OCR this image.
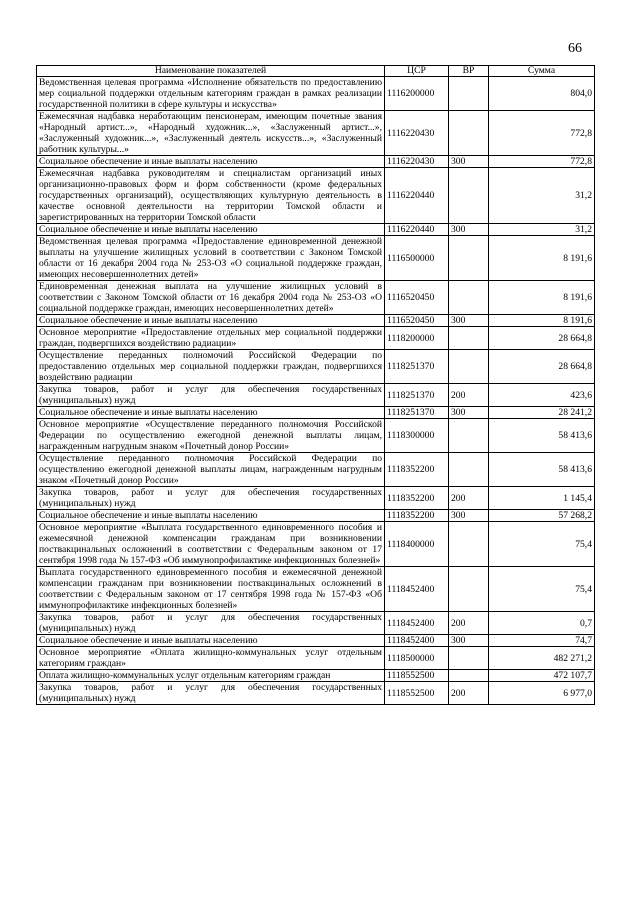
66
Наименование показателей	ЦСР	ВР	Сумма
Ведомственная целевая программа «Исполнение обязательств по предоставлению мер социальной поддержки отдельным категориям граждан в рамках реализации государственной политики в сфере культуры и искусства»	1116200000		804,0
Ежемесячная надбавка неработающим пенсионерам, имеющим почетные звания «Народный артист...», «Народный художник...», «Заслуженный артист...», «Заслуженный художник...», «Заслуженный деятель искусств...», «Заслуженный работник культуры...»	1116220430		772,8
Социальное обеспечение и иные выплаты населению	1116220430	300	772,8
Ежемесячная надбавка руководителям и специалистам организаций иных организационно-правовых форм и форм собственности (кроме федеральных государственных организаций), осуществляющих культурную деятельность в качестве основной деятельности на территории Томской области и зарегистрированных на территории Томской области	1116220440		31,2
Социальное обеспечение и иные выплаты населению	1116220440	300	31,2
Ведомственная целевая программа «Предоставление единовременной денежной выплаты на улучшение жилищных условий в соответствии с Законом Томской области от 16 декабря 2004 года № 253-ОЗ «О социальной поддержке граждан, имеющих несовершеннолетних детей»	1116500000		8 191,6
Единовременная денежная выплата на улучшение жилищных условий в соответствии с Законом Томской области от 16 декабря 2004 года № 253-ОЗ «О социальной поддержке граждан, имеющих несовершеннолетних детей»	1116520450		8 191,6
Социальное обеспечение и иные выплаты населению	1116520450	300	8 191,6
Основное мероприятие «Предоставление отдельных мер социальной поддержки граждан, подвергшихся воздействию радиации»	1118200000		28 664,8
Осуществление переданных полномочий Российской Федерации по предоставлению отдельных мер социальной поддержки граждан, подвергшихся воздействию радиации	1118251370		28 664,8
Закупка товаров, работ и услуг для обеспечения государственных (муниципальных) нужд	1118251370	200	423,6
Социальное обеспечение и иные выплаты населению	1118251370	300	28 241,2
Основное мероприятие «Осуществление переданного полномочия Российской Федерации по осуществлению ежегодной денежной выплаты лицам, награжденным нагрудным знаком «Почетный донор России»	1118300000		58 413,6
Осуществление переданного полномочия Российской Федерации по осуществлению ежегодной денежной выплаты лицам, награжденным нагрудным знаком «Почетный донор России»	1118352200		58 413,6
Закупка товаров, работ и услуг для обеспечения государственных (муниципальных) нужд	1118352200	200	1 145,4
Социальное обеспечение и иные выплаты населению	1118352200	300	57 268,2
Основное мероприятие «Выплата государственного единовременного пособия и ежемесячной денежной компенсации гражданам при возникновении поствакцинальных осложнений в соответствии с Федеральным законом от 17 сентября 1998 года № 157-ФЗ «Об иммунопрофилактике инфекционных болезней»	1118400000		75,4
Выплата государственного единовременного пособия и ежемесячной денежной компенсации гражданам при возникновении поствакцинальных осложнений в соответствии с Федеральным законом от 17 сентября 1998 года № 157-ФЗ «Об иммунопрофилактике инфекционных болезней»	1118452400		75,4
Закупка товаров, работ и услуг для обеспечения государственных (муниципальных) нужд	1118452400	200	0,7
Социальное обеспечение и иные выплаты населению	1118452400	300	74,7
Основное мероприятие «Оплата жилищно-коммунальных услуг отдельным категориям граждан»	1118500000		482 271,2
Оплата жилищно-коммунальных услуг отдельным категориям граждан	1118552500		472 107,7
Закупка товаров, работ и услуг для обеспечения государственных (муниципальных) нужд	1118552500	200	6 977,0
